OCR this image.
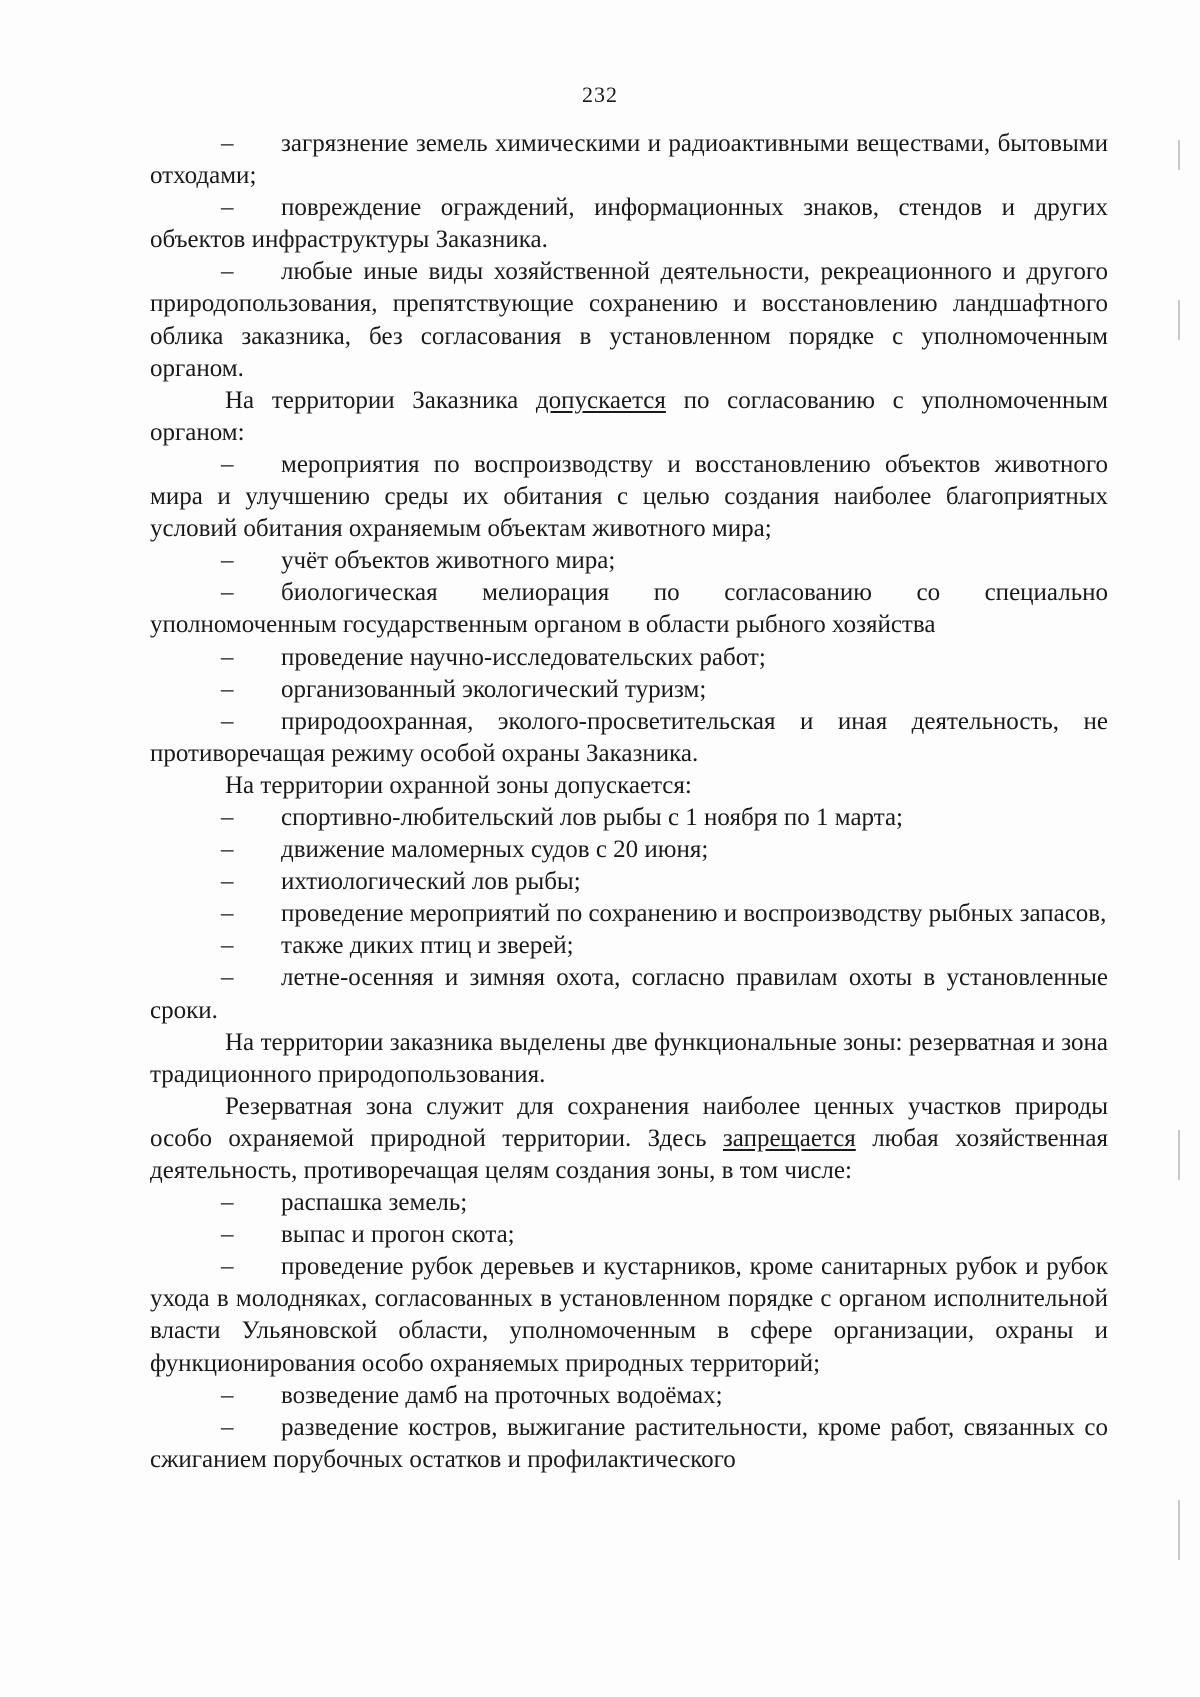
232

– загрязнение земель химическими и радиоактивными веществами, бытовыми отходами;

– повреждение ограждений, информационных знаков, стендов и других объектов инфраструктуры Заказника.

– любые иные виды хозяйственной деятельности, рекреационного и другого природопользования, препятствующие сохранению и восстановлению ландшафтного облика заказника, без согласования в установленном порядке с уполномоченным органом.

На территории Заказника допускается по согласованию с уполномоченным органом:

– мероприятия по воспроизводству и восстановлению объектов животного мира и улучшению среды их обитания с целью создания наиболее благоприятных условий обитания охраняемым объектам животного мира;

– учёт объектов животного мира;

– биологическая мелиорация по согласованию со специально уполномоченным государственным органом в области рыбного хозяйства

– проведение научно-исследовательских работ;

– организованный экологический туризм;

– природоохранная, эколого-просветительская и иная деятельность, не противоречащая режиму особой охраны Заказника.

На территории охранной зоны допускается:

– спортивно-любительский лов рыбы с 1 ноября по 1 марта;

– движение маломерных судов с 20 июня;

– ихтиологический лов рыбы;

– проведение мероприятий по сохранению и воспроизводству рыбных запасов,

– также диких птиц и зверей;

– летне-осенняя и зимняя охота, согласно правилам охоты в установленные сроки.

На территории заказника выделены две функциональные зоны: резерватная и зона традиционного природопользования.

Резерватная зона служит для сохранения наиболее ценных участков природы особо охраняемой природной территории. Здесь запрещается любая хозяйственная деятельность, противоречащая целям создания зоны, в том числе:

– распашка земель;

– выпас и прогон скота;

– проведение рубок деревьев и кустарников, кроме санитарных рубок и рубок ухода в молодняках, согласованных в установленном порядке с органом исполнительной власти Ульяновской области, уполномоченным в сфере организации, охраны и функционирования особо охраняемых природных территорий;

– возведение дамб на проточных водоёмах;

– разведение костров, выжигание растительности, кроме работ, связанных со сжиганием порубочных остатков и профилактического
